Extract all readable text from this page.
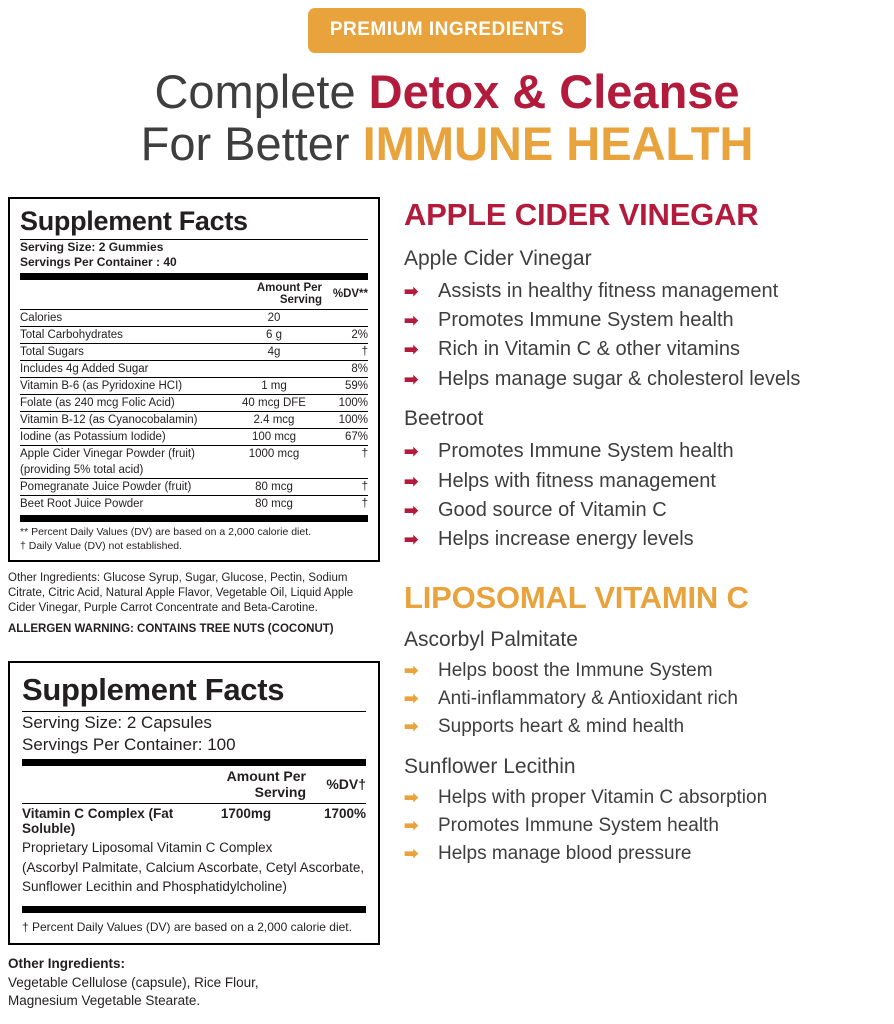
PREMIUM INGREDIENTS
Complete Detox & Cleanse
For Better IMMUNE HEALTH
Supplement Facts
Serving Size: 2 Gummies
Servings Per Container : 40
	Amount Per Serving	%DV**
Calories	20	
Total Carbohydrates	6 g	2%
Total Sugars	4g	†
Includes 4g Added Sugar		8%
Vitamin B-6 (as Pyridoxine HCI)	1 mg	59%
Folate (as 240 mcg Folic Acid)	40 mcg DFE	100%
Vitamin B-12 (as Cyanocobalamin)	2.4 mcg	100%
Iodine (as Potassium Iodide)	100 mcg	67%
Apple Cider Vinegar Powder (fruit)	1000 mcg	†
(providing 5% total acid)		
Pomegranate Juice Powder (fruit)	80 mcg	†
Beet Root Juice Powder	80 mcg	†
** Percent Daily Values (DV) are based on a 2,000 calorie diet.
† Daily Value (DV) not established.
Other Ingredients: Glucose Syrup, Sugar, Glucose, Pectin, Sodium Citrate, Citric Acid, Natural Apple Flavor, Vegetable Oil, Liquid Apple Cider Vinegar, Purple Carrot Concentrate and Beta-Carotine.
ALLERGEN WARNING: CONTAINS TREE NUTS (COCONUT)
Supplement Facts
Serving Size: 2 Capsules
Servings Per Container: 100
	Amount Per Serving	%DV†
Vitamin C Complex (Fat Soluble)	1700mg	1700%
Proprietary Liposomal Vitamin C Complex
(Ascorbyl Palmitate, Calcium Ascorbate, Cetyl Ascorbate,
Sunflower Lecithin and Phosphatidylcholine)
† Percent Daily Values (DV) are based on a 2,000 calorie diet.
Other Ingredients:
Vegetable Cellulose (capsule), Rice Flour,
Magnesium Vegetable Stearate.
APPLE CIDER VINEGAR
Apple Cider Vinegar
➡ Assists in healthy fitness management
➡ Promotes Immune System health
➡ Rich in Vitamin C & other vitamins
➡ Helps manage sugar & cholesterol levels
Beetroot
➡ Promotes Immune System health
➡ Helps with fitness management
➡ Good source of Vitamin C
➡ Helps increase energy levels
LIPOSOMAL VITAMIN C
Ascorbyl Palmitate
➡	Helps boost the Immune System
➡	Anti-inflammatory & Antioxidant rich
➡	Supports heart & mind health
Sunflower Lecithin
➡	Helps with proper Vitamin C absorption
➡	Promotes Immune System health
➡	Helps manage blood pressure
